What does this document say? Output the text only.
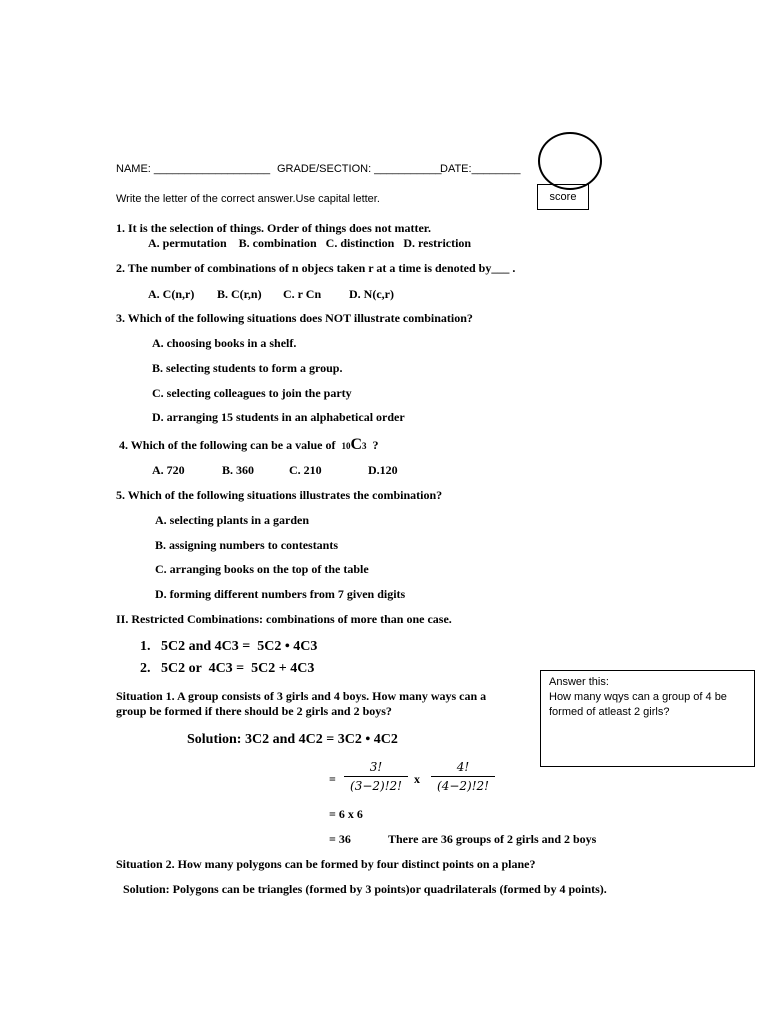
NAME: ___________________ GRADE/SECTION: ___________
DATE:________
score
Write the letter of the correct answer.Use capital letter.
1. It is the selection of things. Order of things does not matter.
A. permutation    B. combination   C. distinction   D. restriction
2. The number of combinations of n objecs taken r at a time is denoted by___ .
A. C(n,r) B. C(r,n) C. r Cn D. N(c,r)
3. Which of the following situations does NOT illustrate combination?
A. choosing books in a shelf.
B. selecting students to form a group.
C. selecting colleagues to join the party
D. arranging 15 students in an alphabetical order
4. Which of the following can be a value of 10C3 ?
A. 720	B. 360	C. 210	D.120
5. Which of the following situations illustrates the combination?
A. selecting plants in a garden
B. assigning numbers to contestants
C. arranging books on the top of the table
D. forming different numbers from 7 given digits
II. Restricted Combinations: combinations of more than one case.
1.   5C2 and 4C3 =  5C2 • 4C3
2.   5C2 or  4C3 =  5C2 + 4C3
Situation 1. A group consists of 3 girls and 4 boys. How many ways can a
group be formed if there should be 2 girls and 2 boys?
Solution: 3C2 and 4C2 = 3C2 • 4C2
= $\frac{3!}{(3-2)!2!}$ x $\frac{4!}{(4-2)!2!}$
= 6 x 6
= 36	There are 36 groups of 2 girls and 2 boys
Situation 2. How many polygons can be formed by four distinct points on a plane?
Solution: Polygons can be triangles (formed by 3 points)or quadrilaterals (formed by 4 points).
Answer this:
How many wqys can a group of 4 be formed of atleast 2 girls?
